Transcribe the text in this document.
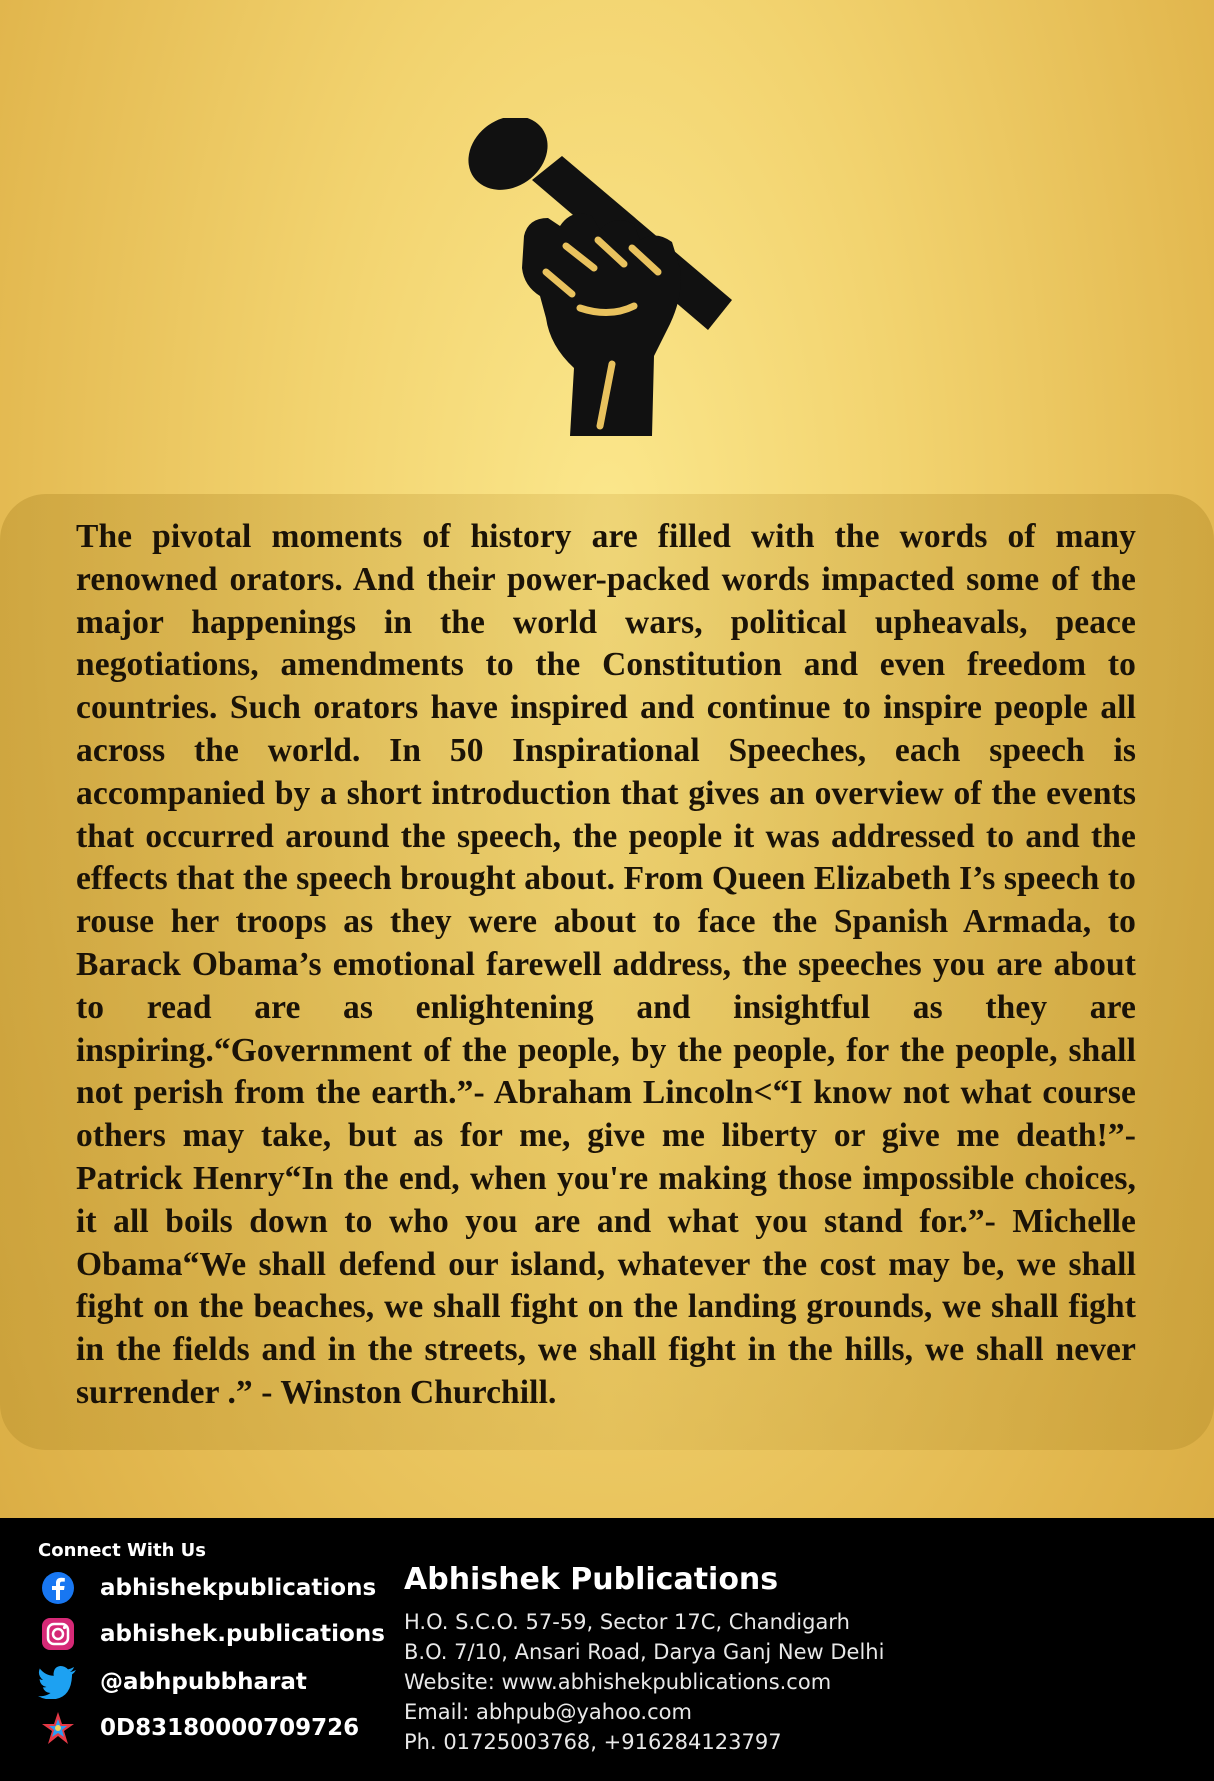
The pivotal moments of history are filled with the words of many renowned orators. And their power-packed words impacted some of the major happenings in the world wars, political upheavals, peace negotiations, amendments to the Constitution and even freedom to countries. Such orators have inspired and continue to inspire people all across the world. In 50 Inspirational Speeches, each speech is accompanied by a short introduction that gives an overview of the events that occurred around the speech, the people it was addressed to and the effects that the speech brought about. From Queen Elizabeth I’s speech to rouse her troops as they were about to face the Spanish Armada, to Barack Obama’s emotional farewell address, the speeches you are about to read are as enlightening and insightful as they are inspiring.“Government of the people, by the people, for the people, shall not perish from the earth.”- Abraham Lincoln<“I know not what course others may take, but as for me, give me liberty or give me death!”- Patrick Henry“In the end, when you're making those impossible choices, it all boils down to who you are and what you stand for.”- Michelle Obama“We shall defend our island, whatever the cost may be, we shall fight on the beaches, we shall fight on the landing grounds, we shall fight in the fields and in the streets, we shall fight in the hills, we shall never surrender .” - Winston Churchill.

Connect With Us
abhishekpublications
abhishek.publications
@abhpubbharat
0D83180000709726
Abhishek Publications
H.O. S.C.O. 57-59, Sector 17C, Chandigarh
B.O. 7/10, Ansari Road, Darya Ganj New Delhi
Website: www.abhishekpublications.com
Email: abhpub@yahoo.com
Ph. 01725003768, +916284123797
